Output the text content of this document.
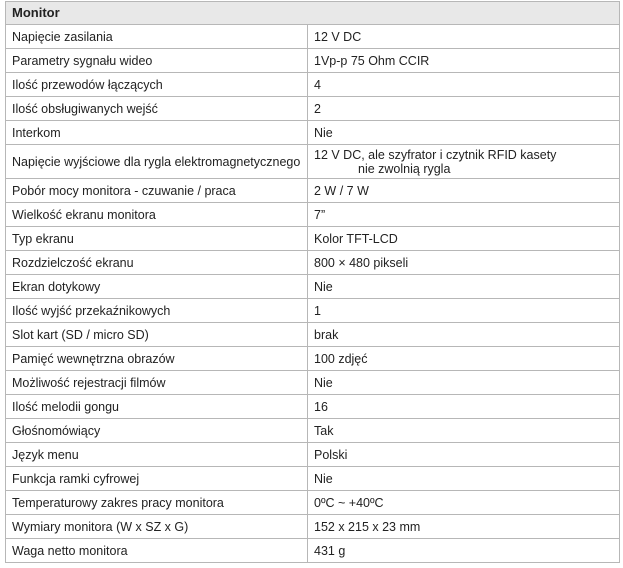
Monitor	
Napięcie zasilania	12 V DC
Parametry sygnału wideo	1Vp-p 75 Ohm CCIR
Ilość przewodów łączących	4
Ilość obsługiwanych wejść	2
Interkom	Nie
Napięcie wyjściowe dla rygla elektromagnetycznego	12 V DC, ale szyfrator i czytnik RFID kasety
nie zwolnią rygla

Pobór mocy monitora - czuwanie / praca	2 W / 7 W
Wielkość ekranu monitora	7”
Typ ekranu	Kolor TFT-LCD
Rozdzielczość ekranu	800 × 480 pikseli
Ekran dotykowy	Nie
Ilość wyjść przekaźnikowych	1
Slot kart (SD / micro SD)	brak
Pamięć wewnętrzna obrazów	100 zdjęć
Możliwość rejestracji filmów	Nie
Ilość melodii gongu	16
Głośnomówiący	Tak
Język menu	Polski
Funkcja ramki cyfrowej	Nie
Temperaturowy zakres pracy monitora	0ºC ~ +40ºC
Wymiary monitora (W x SZ x G)	152 x 215 x 23 mm
Waga netto monitora	431 g
